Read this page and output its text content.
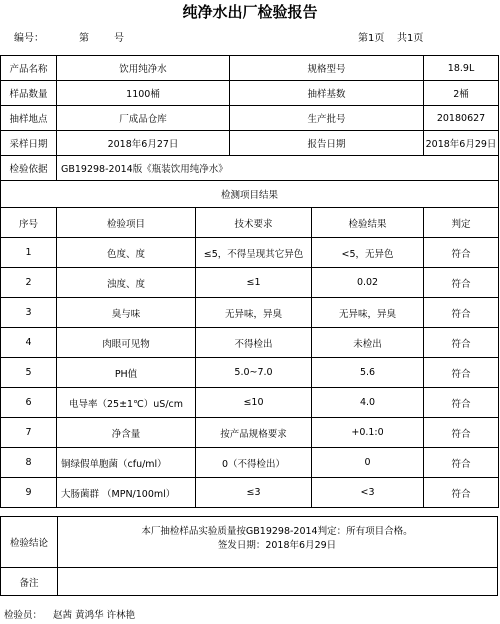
纯净水出厂检验报告
编号：	第	号	第1页 共1页
产品名称	饮用纯净水		规格型号		18.9L
样品数量	1100桶		抽样基数		2桶
抽样地点	厂成品仓库		生产批号		20180627
采样日期	2018年6月27日		报告日期		2018年6月29日
检验依据	GB19298-2014版《瓶装饮用纯净水》				
检测项目结果					
序号	检验项目	技术要求		检验结果	判定
1	色度、度	≤5，不得呈现其它异色		<5，无异色	符合
2	浊度、度	≤1		0.02	符合
3	臭与味	无异味，异臭		无异味，异臭	符合
4	肉眼可见物	不得检出		未检出	符合
5	PH值	5.0~7.0		5.6	符合
6	电导率（25±1℃）uS/cm	≤10		4.0	符合
7	净含量	按产品规格要求		+0.1:0	符合
8	铜绿假单胞菌（cfu/ml）	0（不得检出）		0	符合
9	大肠菌群 （MPN/100ml）	≤3		<3	符合
检验结论
本厂抽检样品实验质量按GB19298-2014判定：所有项目合格。
签发日期：2018年6月29日
备注
检验员： 赵茜 黄鸿华 许林艳
